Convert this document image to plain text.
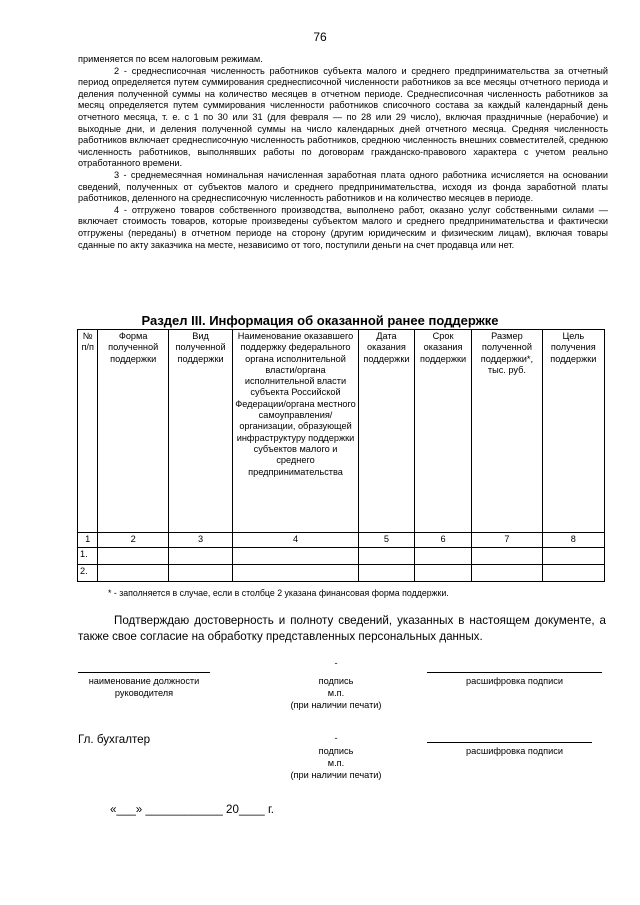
76

применяется по всем налоговым режимам.

2 - среднесписочная численность работников субъекта малого и среднего предпринимательства за отчетный период определяется путем суммирования среднесписочной численности работников за все месяцы отчетного периода и деления полученной суммы на количество месяцев в отчетном периоде. Среднесписочная численность работников за месяц определяется путем суммирования численности работников списочного состава за каждый календарный день отчетного месяца, т. е. с 1 по 30 или 31 (для февраля — по 28 или 29 число), включая праздничные (нерабочие) и выходные дни, и деления полученной суммы на число календарных дней отчетного месяца. Средняя численность работников включает среднесписочную численность работников, среднюю численность внешних совместителей, среднюю численность работников, выполнявших работы по договорам гражданско-правового характера с учетом реально отработанного времени.

3 - среднемесячная номинальная начисленная заработная плата одного работника исчисляется на основании сведений, полученных от субъектов малого и среднего предпринимательства, исходя из фонда заработной платы работников, деленного на среднесписочную численность работников и на количество месяцев в периоде.

4 - отгружено товаров собственного производства, выполнено работ, оказано услуг собственными силами — включает стоимость товаров, которые произведены субъектом малого и среднего предпринимательства и фактически отгружены (переданы) в отчетном периоде на сторону (другим юридическим и физическим лицам), включая товары сданные по акту заказчика на месте, независимо от того, поступили деньги на счет продавца или нет.

Раздел III. Информация об оказанной ранее поддержке
№ п/п	Форма полученной поддержки	Вид полученной поддержки	Наименование оказавшего поддержку федерального органа исполнительной власти/органа исполнительной власти субъекта Российской Федерации/органа местного самоуправления/ организации, образующей инфраструктуру поддержки субъектов малого и среднего предпринимательства	Дата оказания поддержки	Срок оказания поддержки	Размер полученной поддержки*, тыс. руб.	Цель получения поддержки
1	2	3	4	5	6	7	8
1.							
2.							
* - заполняется в случае, если в столбце 2 указана финансовая форма поддержки.
Подтверждаю достоверность и полноту сведений, указанных в настоящем документе, а также свое согласие на обработку представленных персональных данных.
наименование должности руководителя
-
подпись
м.п.
(при наличии печати)
расшифровка подписи
Гл. бухгалтер	-
подпись
м.п.
(при наличии печати)
расшифровка подписи
«___» ____________ 20____ г.
